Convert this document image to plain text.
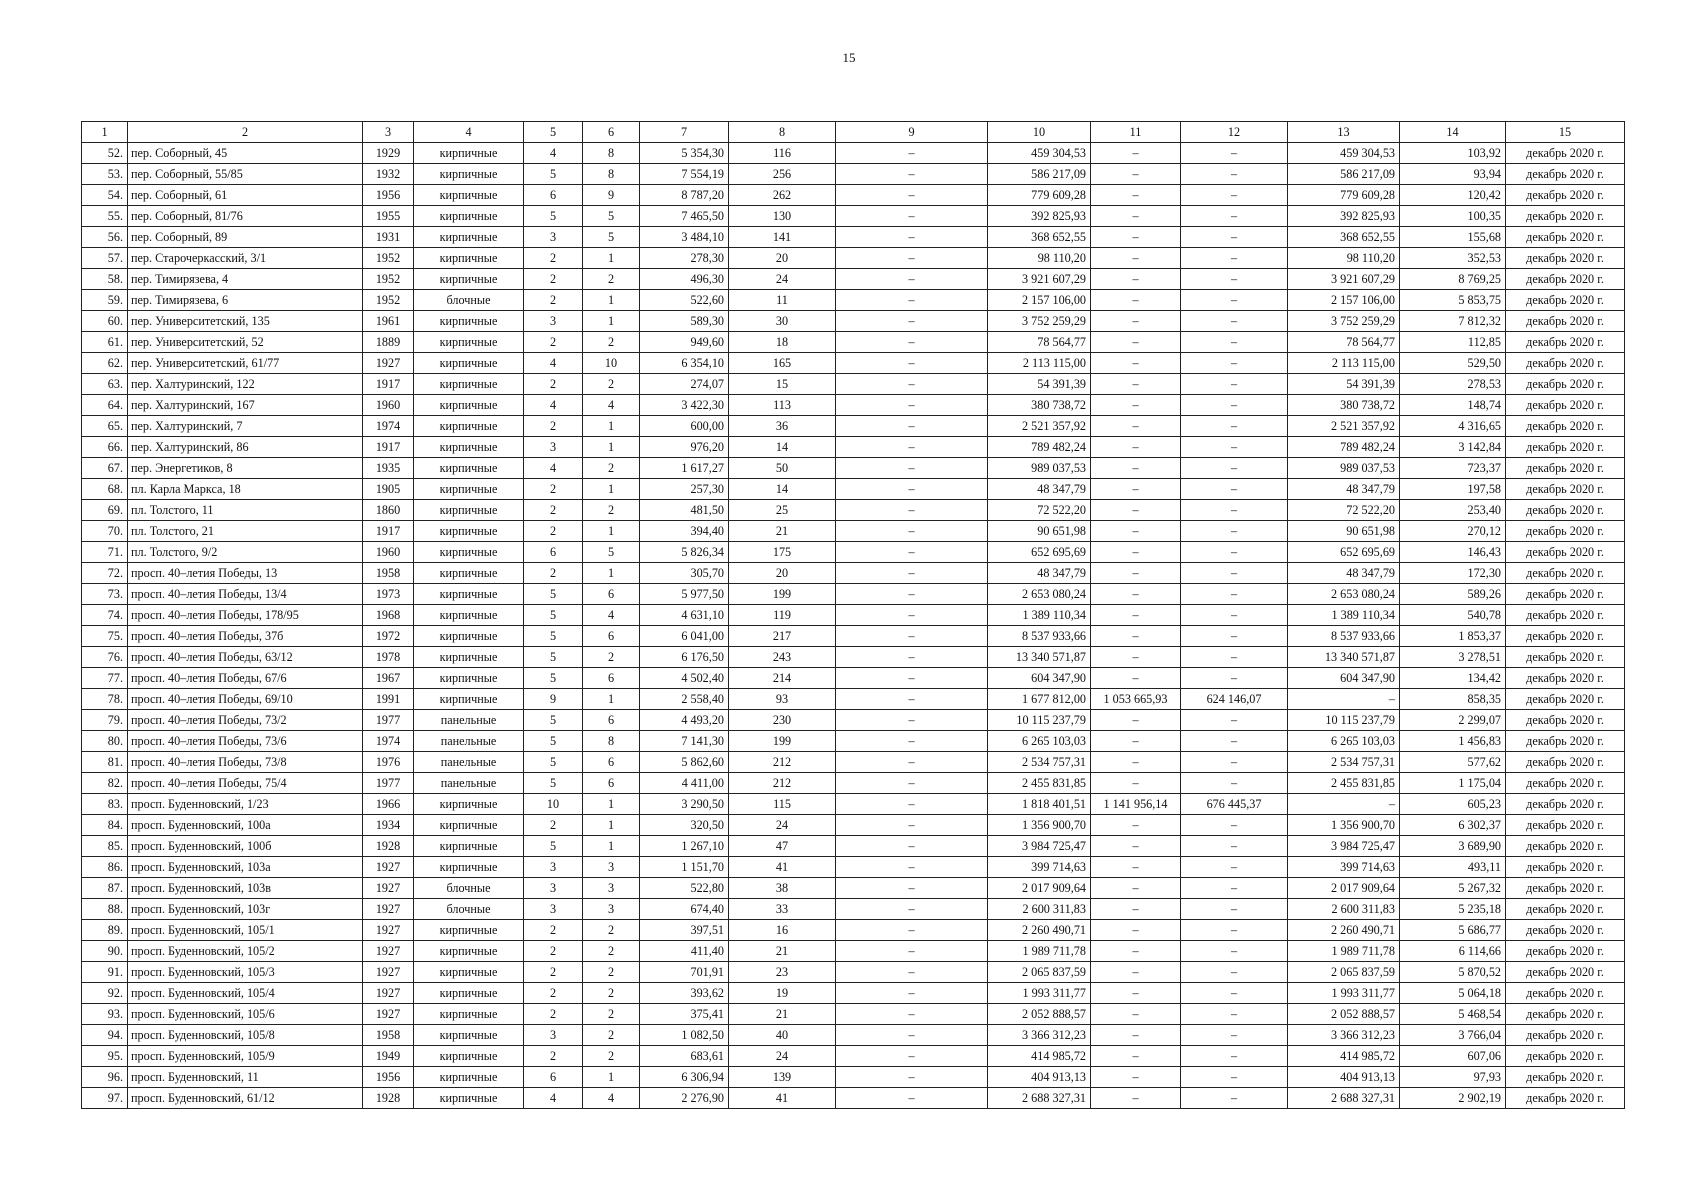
15
1	2	3	4	5	6	7	8	9	10	11	12	13	14	15
52.	пер. Соборный, 45	1929	кирпичные	4	8	5 354,30	116	–	459 304,53	–	–	459 304,53	103,92	декабрь 2020 г.
53.	пер. Соборный, 55/85	1932	кирпичные	5	8	7 554,19	256	–	586 217,09	–	–	586 217,09	93,94	декабрь 2020 г.
54.	пер. Соборный, 61	1956	кирпичные	6	9	8 787,20	262	–	779 609,28	–	–	779 609,28	120,42	декабрь 2020 г.
55.	пер. Соборный, 81/76	1955	кирпичные	5	5	7 465,50	130	–	392 825,93	–	–	392 825,93	100,35	декабрь 2020 г.
56.	пер. Соборный, 89	1931	кирпичные	3	5	3 484,10	141	–	368 652,55	–	–	368 652,55	155,68	декабрь 2020 г.
57.	пер. Старочеркасский, 3/1	1952	кирпичные	2	1	278,30	20	–	98 110,20	–	–	98 110,20	352,53	декабрь 2020 г.
58.	пер. Тимирязева, 4	1952	кирпичные	2	2	496,30	24	–	3 921 607,29	–	–	3 921 607,29	8 769,25	декабрь 2020 г.
59.	пер. Тимирязева, 6	1952	блочные	2	1	522,60	11	–	2 157 106,00	–	–	2 157 106,00	5 853,75	декабрь 2020 г.
60.	пер. Университетский, 135	1961	кирпичные	3	1	589,30	30	–	3 752 259,29	–	–	3 752 259,29	7 812,32	декабрь 2020 г.
61.	пер. Университетский, 52	1889	кирпичные	2	2	949,60	18	–	78 564,77	–	–	78 564,77	112,85	декабрь 2020 г.
62.	пер. Университетский, 61/77	1927	кирпичные	4	10	6 354,10	165	–	2 113 115,00	–	–	2 113 115,00	529,50	декабрь 2020 г.
63.	пер. Халтуринский, 122	1917	кирпичные	2	2	274,07	15	–	54 391,39	–	–	54 391,39	278,53	декабрь 2020 г.
64.	пер. Халтуринский, 167	1960	кирпичные	4	4	3 422,30	113	–	380 738,72	–	–	380 738,72	148,74	декабрь 2020 г.
65.	пер. Халтуринский, 7	1974	кирпичные	2	1	600,00	36	–	2 521 357,92	–	–	2 521 357,92	4 316,65	декабрь 2020 г.
66.	пер. Халтуринский, 86	1917	кирпичные	3	1	976,20	14	–	789 482,24	–	–	789 482,24	3 142,84	декабрь 2020 г.
67.	пер. Энергетиков, 8	1935	кирпичные	4	2	1 617,27	50	–	989 037,53	–	–	989 037,53	723,37	декабрь 2020 г.
68.	пл. Карла Маркса, 18	1905	кирпичные	2	1	257,30	14	–	48 347,79	–	–	48 347,79	197,58	декабрь 2020 г.
69.	пл. Толстого, 11	1860	кирпичные	2	2	481,50	25	–	72 522,20	–	–	72 522,20	253,40	декабрь 2020 г.
70.	пл. Толстого, 21	1917	кирпичные	2	1	394,40	21	–	90 651,98	–	–	90 651,98	270,12	декабрь 2020 г.
71.	пл. Толстого, 9/2	1960	кирпичные	6	5	5 826,34	175	–	652 695,69	–	–	652 695,69	146,43	декабрь 2020 г.
72.	просп. 40–летия Победы, 13	1958	кирпичные	2	1	305,70	20	–	48 347,79	–	–	48 347,79	172,30	декабрь 2020 г.
73.	просп. 40–летия Победы, 13/4	1973	кирпичные	5	6	5 977,50	199	–	2 653 080,24	–	–	2 653 080,24	589,26	декабрь 2020 г.
74.	просп. 40–летия Победы, 178/95	1968	кирпичные	5	4	4 631,10	119	–	1 389 110,34	–	–	1 389 110,34	540,78	декабрь 2020 г.
75.	просп. 40–летия Победы, 37б	1972	кирпичные	5	6	6 041,00	217	–	8 537 933,66	–	–	8 537 933,66	1 853,37	декабрь 2020 г.
76.	просп. 40–летия Победы, 63/12	1978	кирпичные	5	2	6 176,50	243	–	13 340 571,87	–	–	13 340 571,87	3 278,51	декабрь 2020 г.
77.	просп. 40–летия Победы, 67/6	1967	кирпичные	5	6	4 502,40	214	–	604 347,90	–	–	604 347,90	134,42	декабрь 2020 г.
78.	просп. 40–летия Победы, 69/10	1991	кирпичные	9	1	2 558,40	93	–	1 677 812,00	1 053 665,93	624 146,07	–	858,35	декабрь 2020 г.
79.	просп. 40–летия Победы, 73/2	1977	панельные	5	6	4 493,20	230	–	10 115 237,79	–	–	10 115 237,79	2 299,07	декабрь 2020 г.
80.	просп. 40–летия Победы, 73/6	1974	панельные	5	8	7 141,30	199	–	6 265 103,03	–	–	6 265 103,03	1 456,83	декабрь 2020 г.
81.	просп. 40–летия Победы, 73/8	1976	панельные	5	6	5 862,60	212	–	2 534 757,31	–	–	2 534 757,31	577,62	декабрь 2020 г.
82.	просп. 40–летия Победы, 75/4	1977	панельные	5	6	4 411,00	212	–	2 455 831,85	–	–	2 455 831,85	1 175,04	декабрь 2020 г.
83.	просп. Буденновский, 1/23	1966	кирпичные	10	1	3 290,50	115	–	1 818 401,51	1 141 956,14	676 445,37	–	605,23	декабрь 2020 г.
84.	просп. Буденновский, 100а	1934	кирпичные	2	1	320,50	24	–	1 356 900,70	–	–	1 356 900,70	6 302,37	декабрь 2020 г.
85.	просп. Буденновский, 100б	1928	кирпичные	5	1	1 267,10	47	–	3 984 725,47	–	–	3 984 725,47	3 689,90	декабрь 2020 г.
86.	просп. Буденновский, 103а	1927	кирпичные	3	3	1 151,70	41	–	399 714,63	–	–	399 714,63	493,11	декабрь 2020 г.
87.	просп. Буденновский, 103в	1927	блочные	3	3	522,80	38	–	2 017 909,64	–	–	2 017 909,64	5 267,32	декабрь 2020 г.
88.	просп. Буденновский, 103г	1927	блочные	3	3	674,40	33	–	2 600 311,83	–	–	2 600 311,83	5 235,18	декабрь 2020 г.
89.	просп. Буденновский, 105/1	1927	кирпичные	2	2	397,51	16	–	2 260 490,71	–	–	2 260 490,71	5 686,77	декабрь 2020 г.
90.	просп. Буденновский, 105/2	1927	кирпичные	2	2	411,40	21	–	1 989 711,78	–	–	1 989 711,78	6 114,66	декабрь 2020 г.
91.	просп. Буденновский, 105/3	1927	кирпичные	2	2	701,91	23	–	2 065 837,59	–	–	2 065 837,59	5 870,52	декабрь 2020 г.
92.	просп. Буденновский, 105/4	1927	кирпичные	2	2	393,62	19	–	1 993 311,77	–	–	1 993 311,77	5 064,18	декабрь 2020 г.
93.	просп. Буденновский, 105/6	1927	кирпичные	2	2	375,41	21	–	2 052 888,57	–	–	2 052 888,57	5 468,54	декабрь 2020 г.
94.	просп. Буденновский, 105/8	1958	кирпичные	3	2	1 082,50	40	–	3 366 312,23	–	–	3 366 312,23	3 766,04	декабрь 2020 г.
95.	просп. Буденновский, 105/9	1949	кирпичные	2	2	683,61	24	–	414 985,72	–	–	414 985,72	607,06	декабрь 2020 г.
96.	просп. Буденновский, 11	1956	кирпичные	6	1	6 306,94	139	–	404 913,13	–	–	404 913,13	97,93	декабрь 2020 г.
97.	просп. Буденновский, 61/12	1928	кирпичные	4	4	2 276,90	41	–	2 688 327,31	–	–	2 688 327,31	2 902,19	декабрь 2020 г.
